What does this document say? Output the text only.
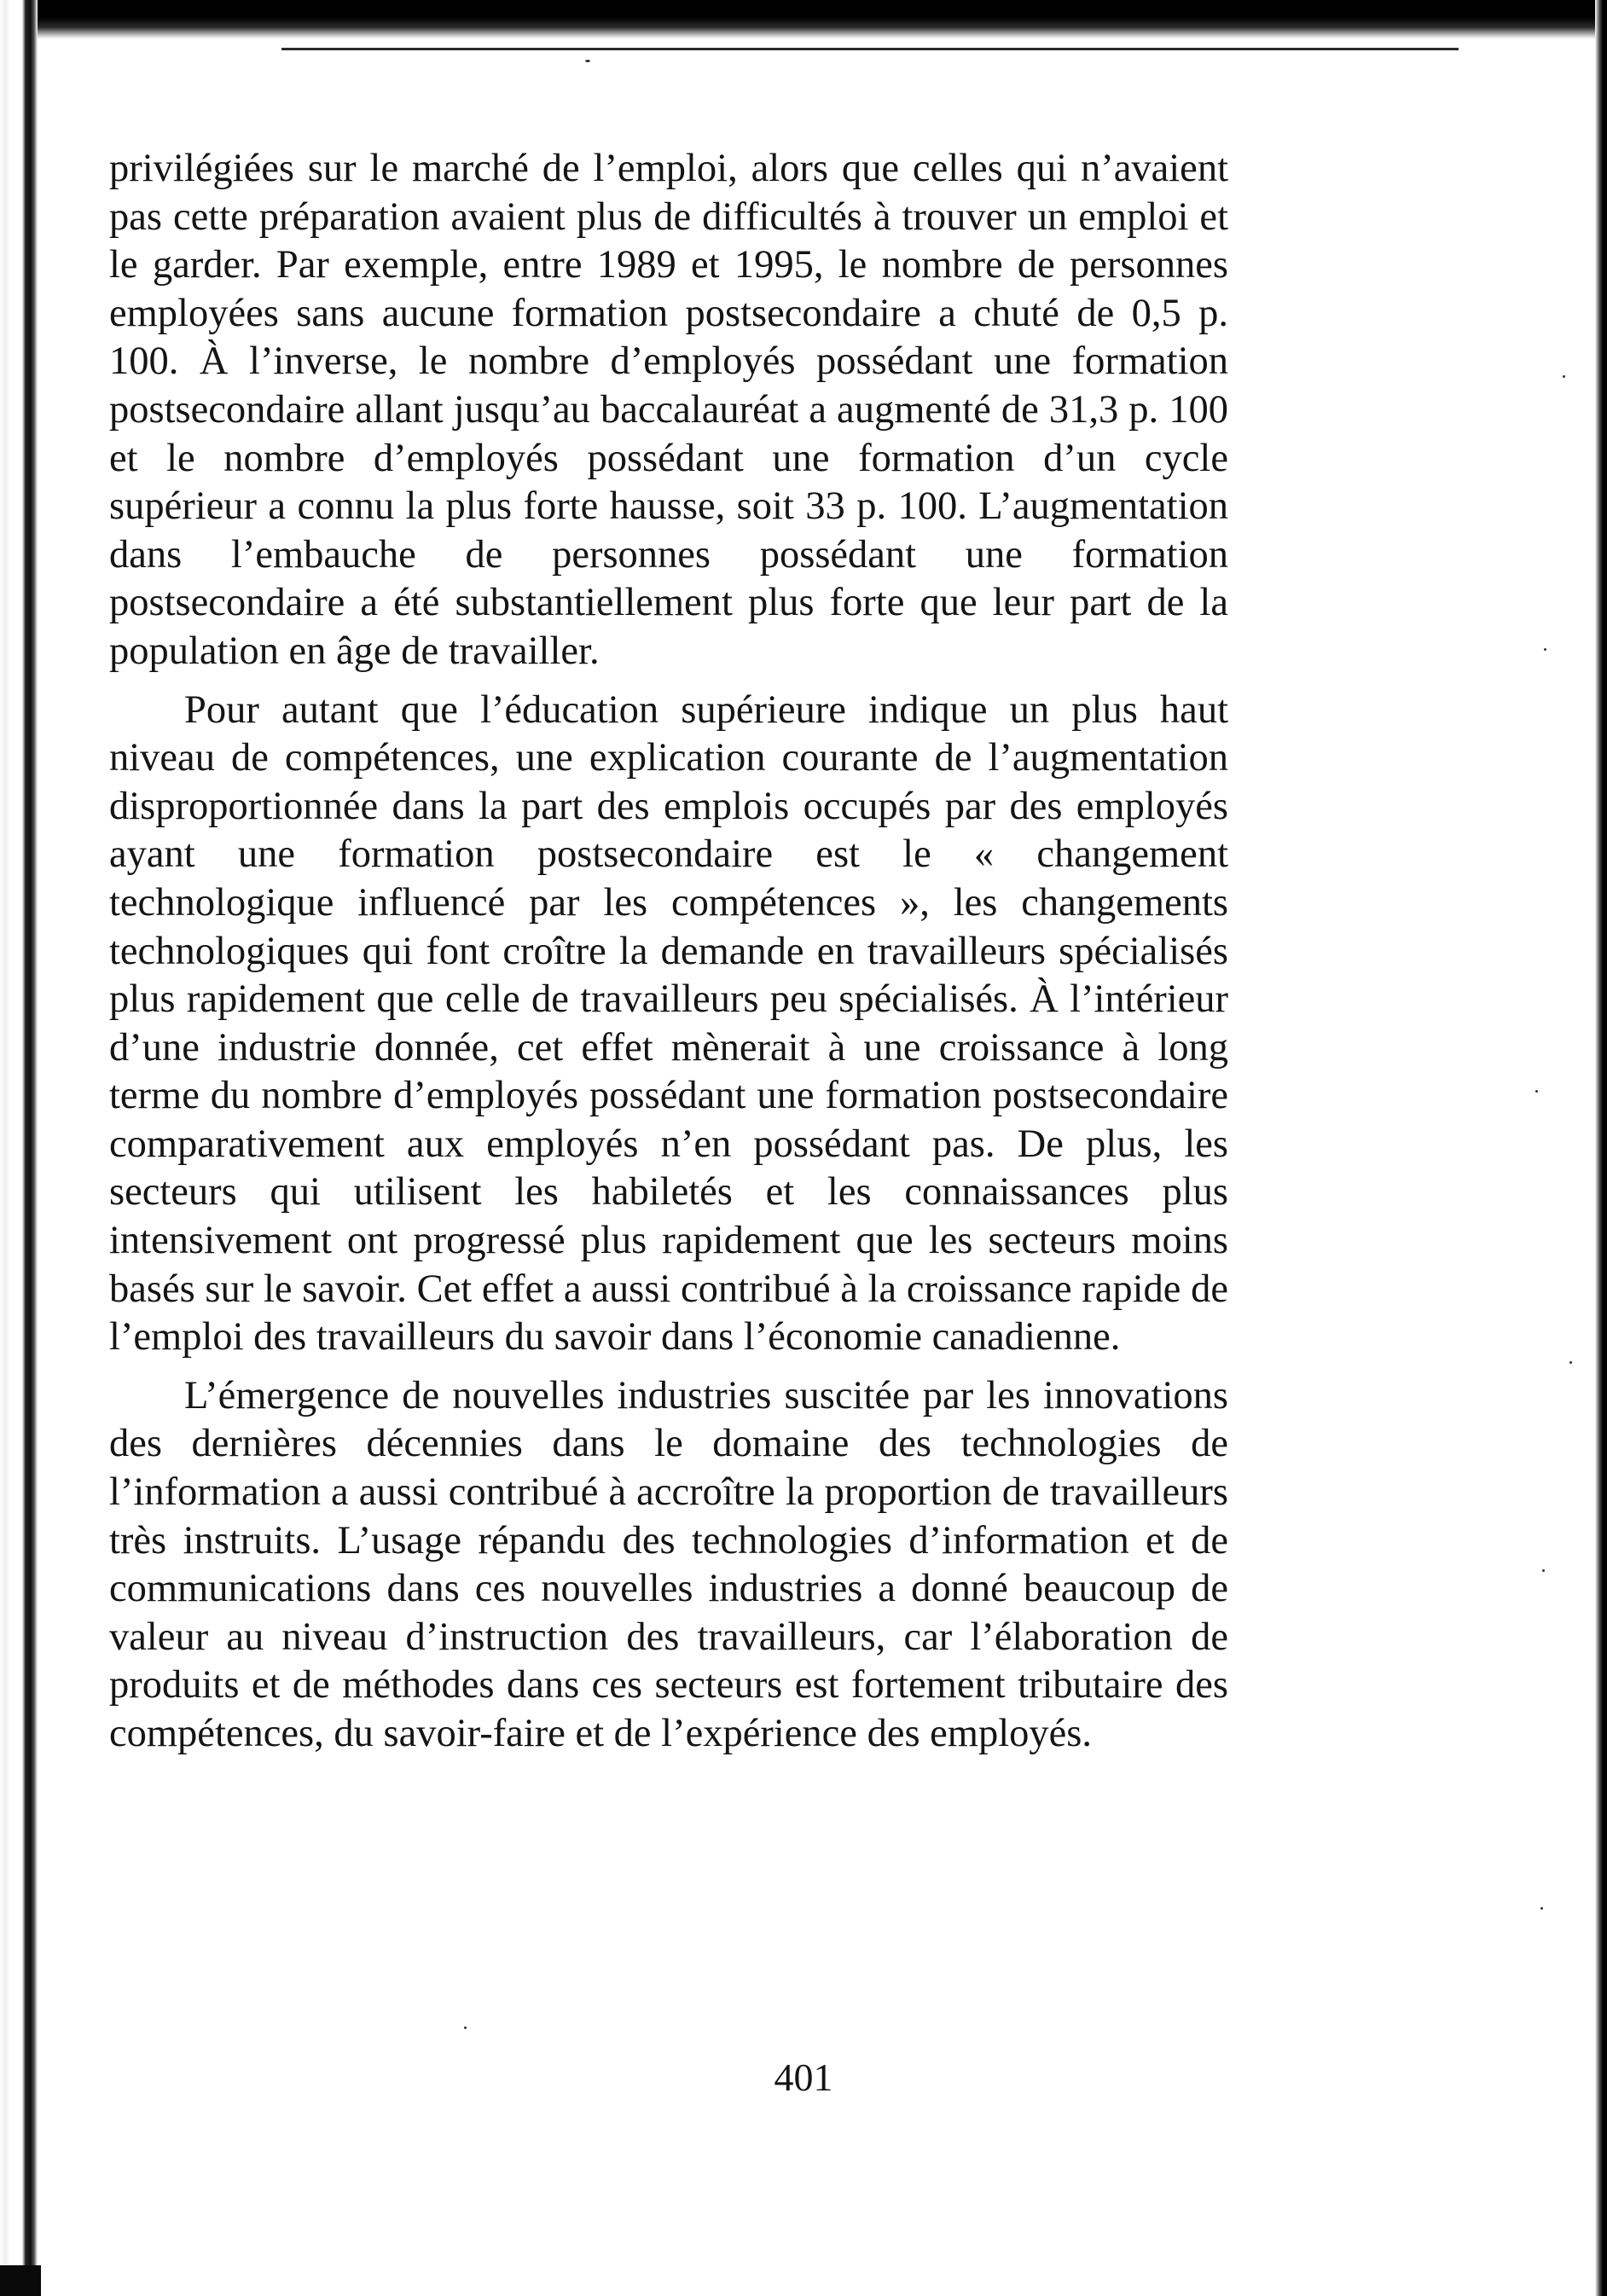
privilégiées sur le marché de l’emploi, alors que celles qui n’avaient pas cette préparation avaient plus de difficultés à trouver un emploi et le garder. Par exemple, entre 1989 et 1995, le nombre de personnes employées sans aucune formation postsecondaire a chuté de 0,5 p. 100. À l’inverse, le nombre d’employés possédant une formation postsecondaire allant jusqu’au baccalauréat a augmenté de 31,3 p. 100 et le nombre d’employés possédant une formation d’un cycle supérieur a connu la plus forte hausse, soit 33 p. 100. L’augmentation dans l’embauche de personnes possédant une formation postsecondaire a été substantiellement plus forte que leur part de la population en âge de travailler.

Pour autant que l’éducation supérieure indique un plus haut niveau de compétences, une explication courante de l’augmentation disproportionnée dans la part des emplois occupés par des employés ayant une formation postsecondaire est le « changement technologique influencé par les compétences », les changements technologiques qui font croître la demande en travailleurs spécialisés plus rapidement que celle de travailleurs peu spécialisés. À l’intérieur d’une industrie donnée, cet effet mènerait à une croissance à long terme du nombre d’employés possédant une formation postsecondaire comparativement aux employés n’en possédant pas. De plus, les secteurs qui utilisent les habiletés et les connaissances plus intensivement ont progressé plus rapidement que les secteurs moins basés sur le savoir. Cet effet a aussi contribué à la croissance rapide de l’emploi des travailleurs du savoir dans l’économie canadienne.

L’émergence de nouvelles industries suscitée par les innovations des dernières décennies dans le domaine des technologies de l’information a aussi contribué à accroître la proportion de travailleurs très instruits. L’usage répandu des technologies d’information et de communications dans ces nouvelles industries a donné beaucoup de valeur au niveau d’instruction des travailleurs, car l’élaboration de produits et de méthodes dans ces secteurs est fortement tributaire des compétences, du savoir-faire et de l’expérience des employés.

401
